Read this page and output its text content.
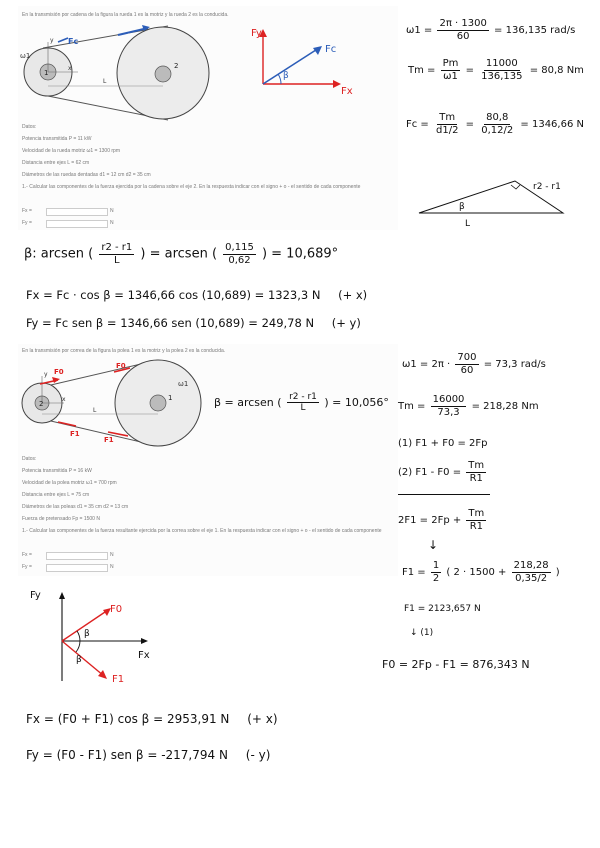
En la transmisión por cadena de la figura la rueda 1 es la motriz y la rueda 2 es la conducida.
ω1
Fc
y
x
1
2
L
Datos:
Potencia transmitida P = 11 kW
Velocidad de la rueda motriz ω1 = 1300 rpm
Distancia entre ejes L = 62 cm
Diámetros de las ruedas dentadas d1 = 12 cm d2 = 35 cm
1.- Calcular las componentes de la fuerza ejercida por la cadena sobre el eje 2. En la respuesta indicar con el signo + o - el sentido de cada componente
Fx =	N
Fy =	N
Fy
Fx
Fc
β
r2 - r1
β
L
$\omega 1 = \frac{2\pi \cdot 1300}{60} = 136,135$ rad/s
$Tm = \frac{Pm}{\omega 1} = \frac{11000}{136,135} = 80,8$ Nm
$Fc = \frac{Tm}{d1/2} = \frac{80,8}{0,12/2} = 1346,66$ N
β: arcsen ( $\frac{r2 - r1}{L}$ ) = arcsen ( $\frac{0,115}{0,62}$ ) = 10,689°
Fx = Fc · cos β = 1346,66 cos (10,689) = 1323,3 N (+ x)
Fy = Fc sen β = 1346,66 sen (10,689) = 249,78 N (+ y)
En la transmisión por correa de la figura la polea 1 es la motriz y la polea 2 es la conducida.
F0
F0
F1
F1
ω1
y
x
2
1
L
Datos:
Potencia transmitida P = 16 kW
Velocidad de la polea motriz ω1 = 700 rpm
Distancia entre ejes L = 75 cm
Diámetros de las poleas d1 = 35 cm d2 = 13 cm
Fuerza de pretensado Fp = 1500 N
1.- Calcular las componentes de la fuerza resultante ejercida por la correa sobre el eje 1. En la respuesta indicar con el signo + o - el sentido de cada componente
Fx =	N
Fy =	N
β = arcsen ( $\frac{r2 - r1}{L}$ ) = 10,056°
$\omega 1 = 2\pi \cdot \frac{700}{60} = 73,3$ rad/s
$Tm = \frac{16000}{73,3} = 218,28$ Nm
(1) F1 + F0 = 2Fp
(2) $F1 - F0 = \frac{Tm}{R1}$
$2F1 = 2Fp + \frac{Tm}{R1}$
↓
$F1 = \frac{1}{2}$ ( $2 \cdot 1500 + \frac{218,28}{0,35/2}$ )
F1 = 2123,657 N
↓ (1)
F0 = 2Fp - F1 = 876,343 N
Fy
Fx
F0
F1
β
β
Fx = (F0 + F1) cos β = 2953,91 N (+ x)
Fy = (F0 - F1) sen β = -217,794 N (- y)
